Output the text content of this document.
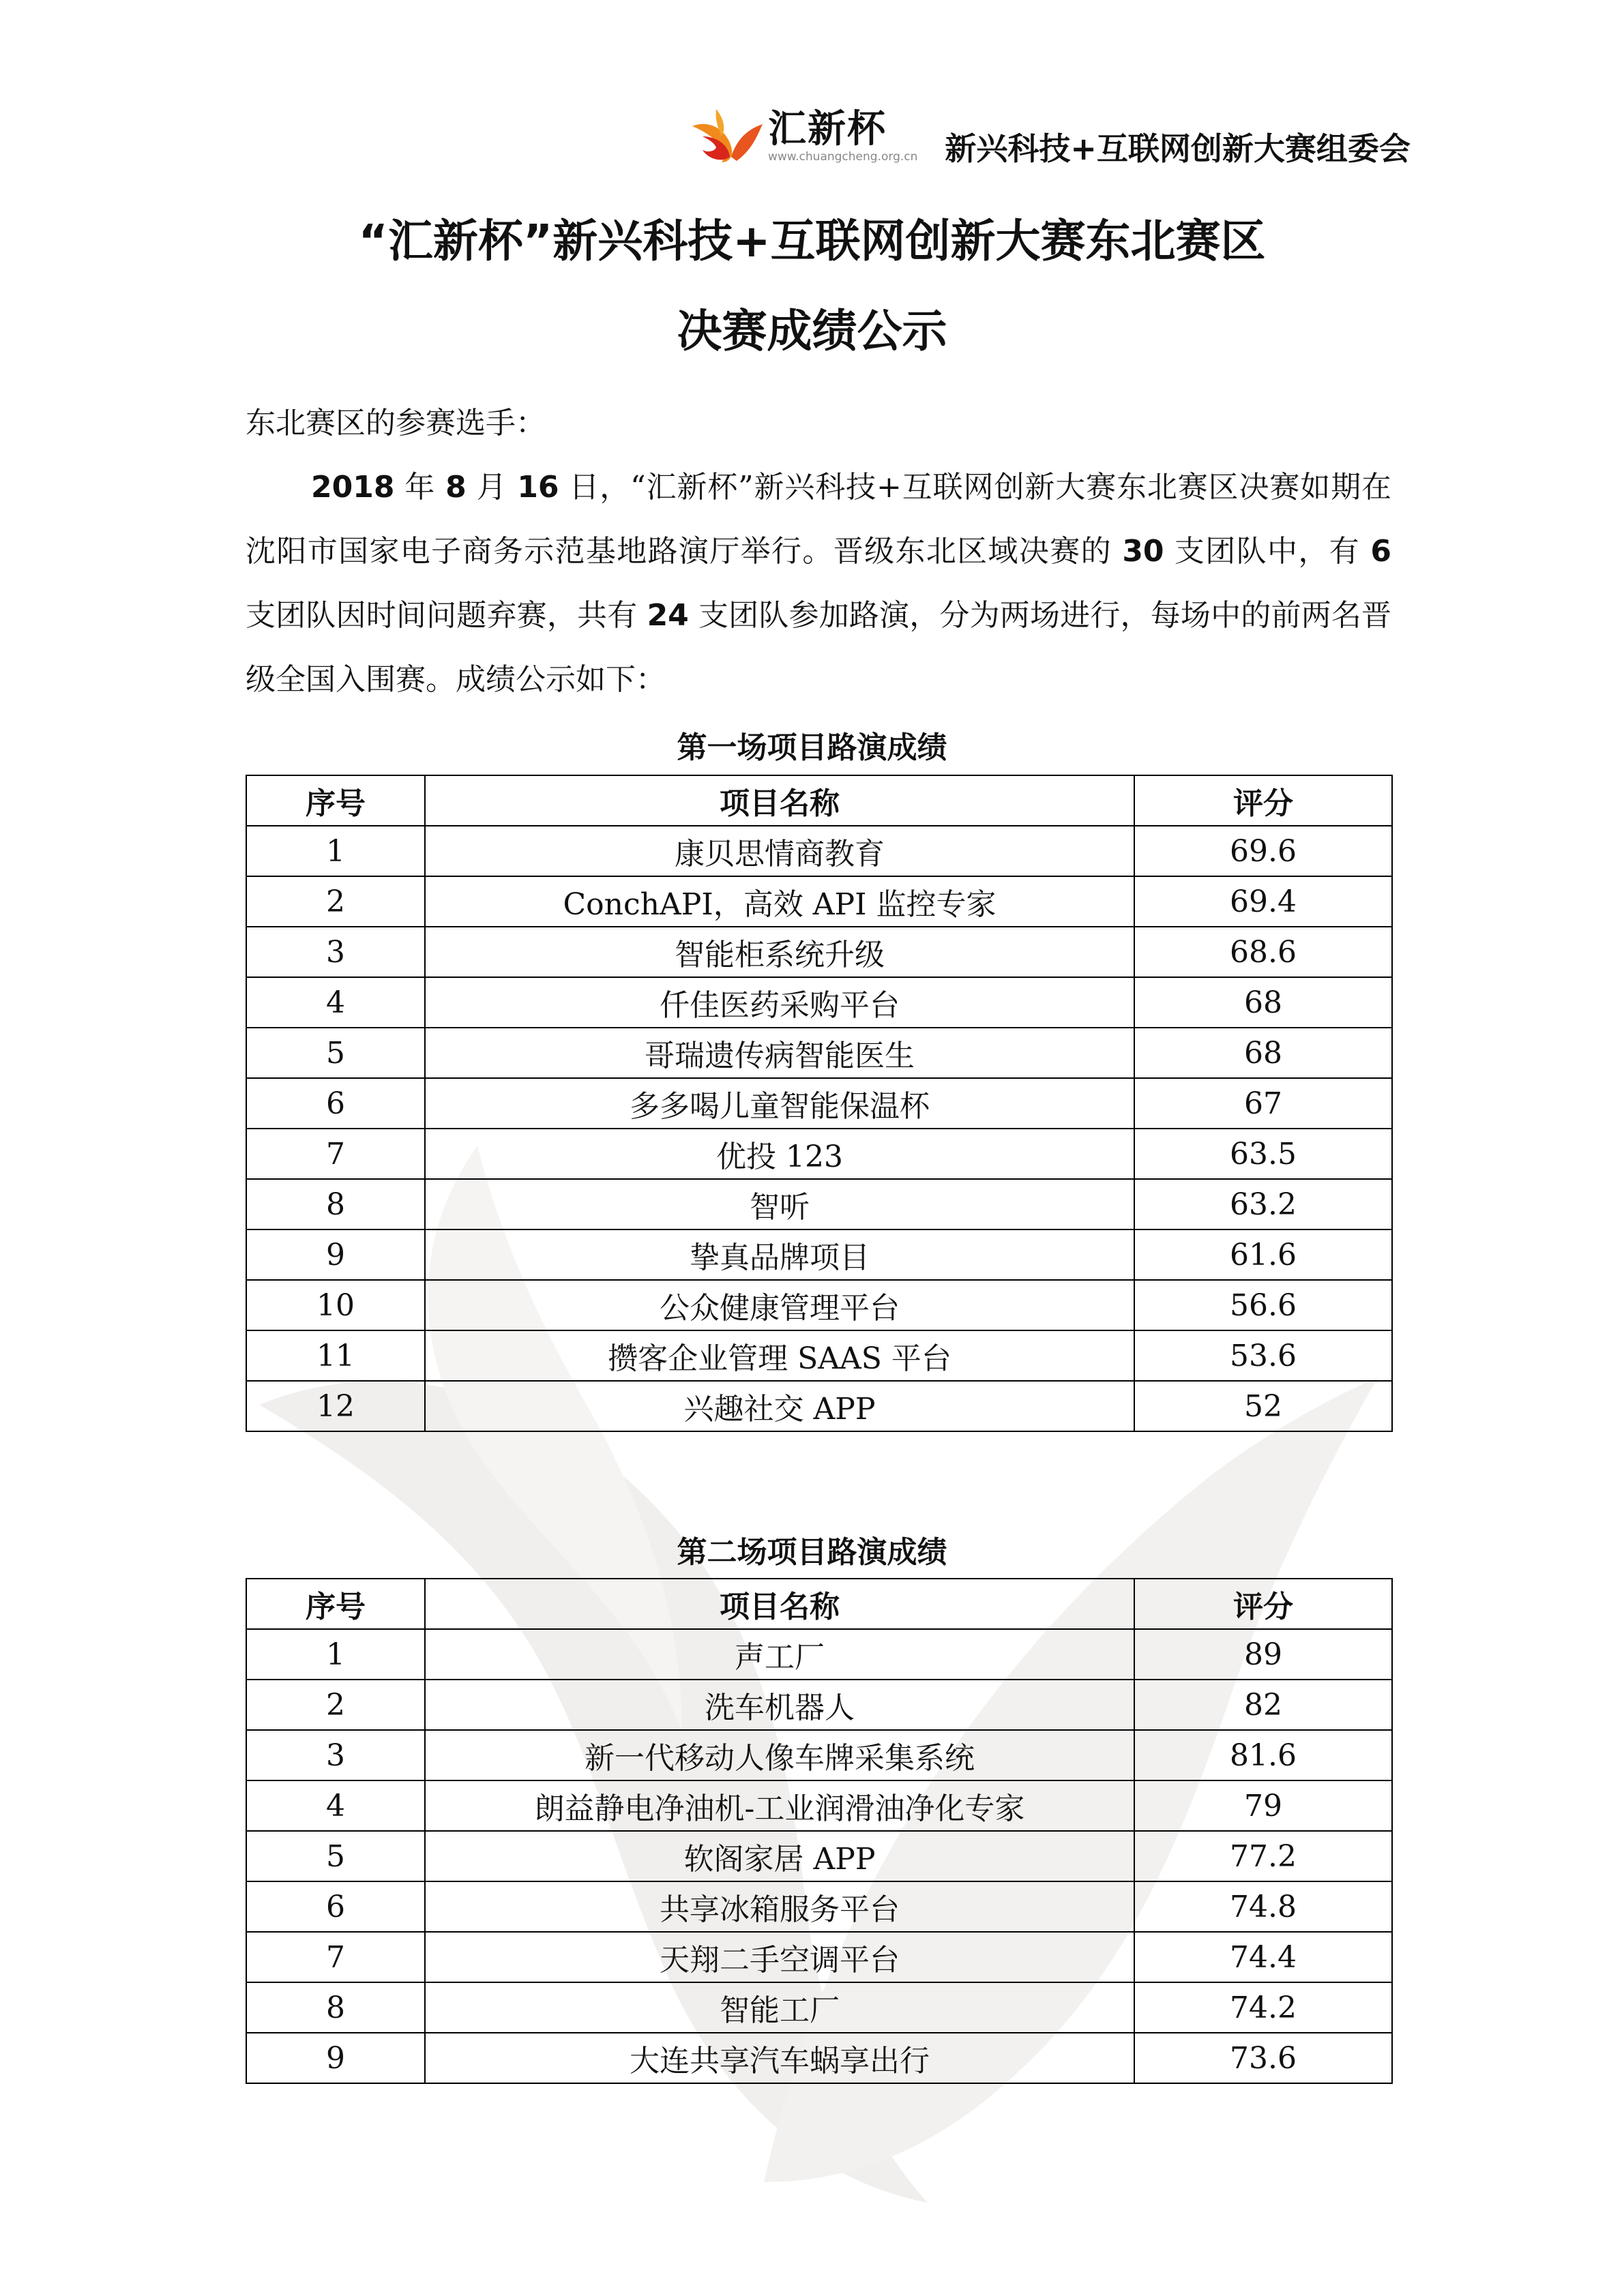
汇新杯
www.chuangcheng.org.cn 新兴科技+互联网创新大赛组委会
“汇新杯”新兴科技+互联网创新大赛东北赛区
决赛成绩公示
东北赛区的参赛选手：
2018 年 8 月 16 日，“汇新杯”新兴科技+互联网创新大赛东北赛区决赛如期在沈阳市国家电子商务示范基地路演厅举行。晋级东北区域决赛的 30 支团队中，有 6 支团队因时间问题弃赛，共有 24 支团队参加路演，分为两场进行，每场中的前两名晋级全国入围赛。成绩公示如下：
第一场项目路演成绩
序号	项目名称	评分
1	康贝思情商教育	69.6
2	ConchAPI，高效 API 监控专家	69.4
3	智能柜系统升级	68.6
4	仟佳医药采购平台	68
5	哥瑞遗传病智能医生	68
6	多多喝儿童智能保温杯	67
7	优投 123	63.5
8	智听	63.2
9	挚真品牌项目	61.6
10	公众健康管理平台	56.6
11	攒客企业管理 SAAS 平台	53.6
12	兴趣社交 APP	52
第二场项目路演成绩
序号	项目名称	评分
1	声工厂	89
2	洗车机器人	82
3	新一代移动人像车牌采集系统	81.6
4	朗益静电净油机-工业润滑油净化专家	79
5	软阁家居 APP	77.2
6	共享冰箱服务平台	74.8
7	天翔二手空调平台	74.4
8	智能工厂	74.2
9	大连共享汽车蜗享出行	73.6
